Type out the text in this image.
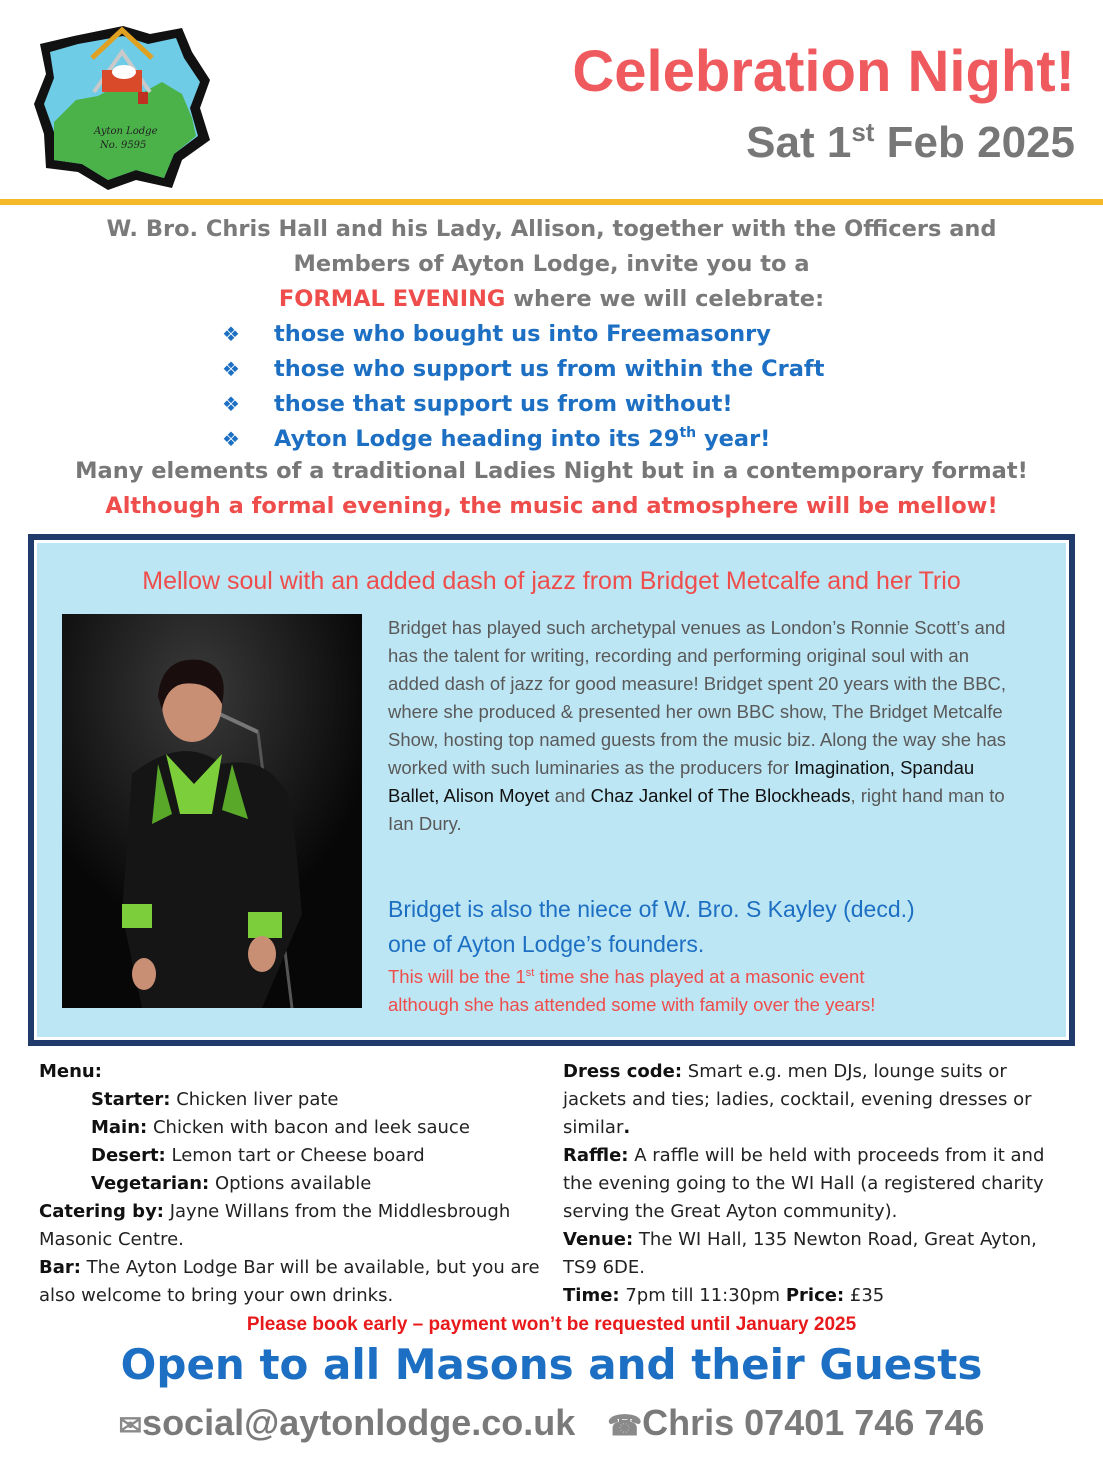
Ayton Lodge
No. 9595
Celebration Night!
Sat 1st Feb 2025
W. Bro. Chris Hall and his Lady, Allison, together with the Officers and
Members of Ayton Lodge, invite you to a
FORMAL EVENING where we will celebrate:
❖ those who bought us into Freemasonry
❖ those who support us from within the Craft
❖ those that support us from without!
❖ Ayton Lodge heading into its 29th year!
Many elements of a traditional Ladies Night but in a contemporary format!
Although a formal evening, the music and atmosphere will be mellow!
Mellow soul with an added dash of jazz from Bridget Metcalfe and her Trio
Bridget has played such archetypal venues as London’s Ronnie Scott’s and has the talent for writing, recording and performing original soul with an added dash of jazz for good measure! Bridget spent 20 years with the BBC, where she produced & presented her own BBC show, The Bridget Metcalfe Show, hosting top named guests from the music biz. Along the way she has worked with such luminaries as the producers for Imagination, Spandau Ballet, Alison Moyet and Chaz Jankel of The Blockheads, right hand man to Ian Dury.
Bridget is also the niece of W. Bro. S Kayley (decd.)
one of Ayton Lodge’s founders.
This will be the 1st time she has played at a masonic event
although she has attended some with family over the years!
Menu:
Starter: Chicken liver pate
Main: Chicken with bacon and leek sauce
Desert: Lemon tart or Cheese board
Vegetarian: Options available
Catering by: Jayne Willans from the Middlesbrough Masonic Centre.
Bar: The Ayton Lodge Bar will be available, but you are also welcome to bring your own drinks.
Dress code: Smart e.g. men DJs, lounge suits or jackets and ties; ladies, cocktail, evening dresses or similar.
Raffle: A raffle will be held with proceeds from it and the evening going to the WI Hall (a registered charity serving the Great Ayton community).
Venue: The WI Hall, 135 Newton Road, Great Ayton, TS9 6DE.
Time: 7pm till 11:30pm Price: £35
Please book early – payment won’t be requested until January 2025
Open to all Masons and their Guests
✉social@aytonlodge.co.uk ☎Chris 07401 746 746
